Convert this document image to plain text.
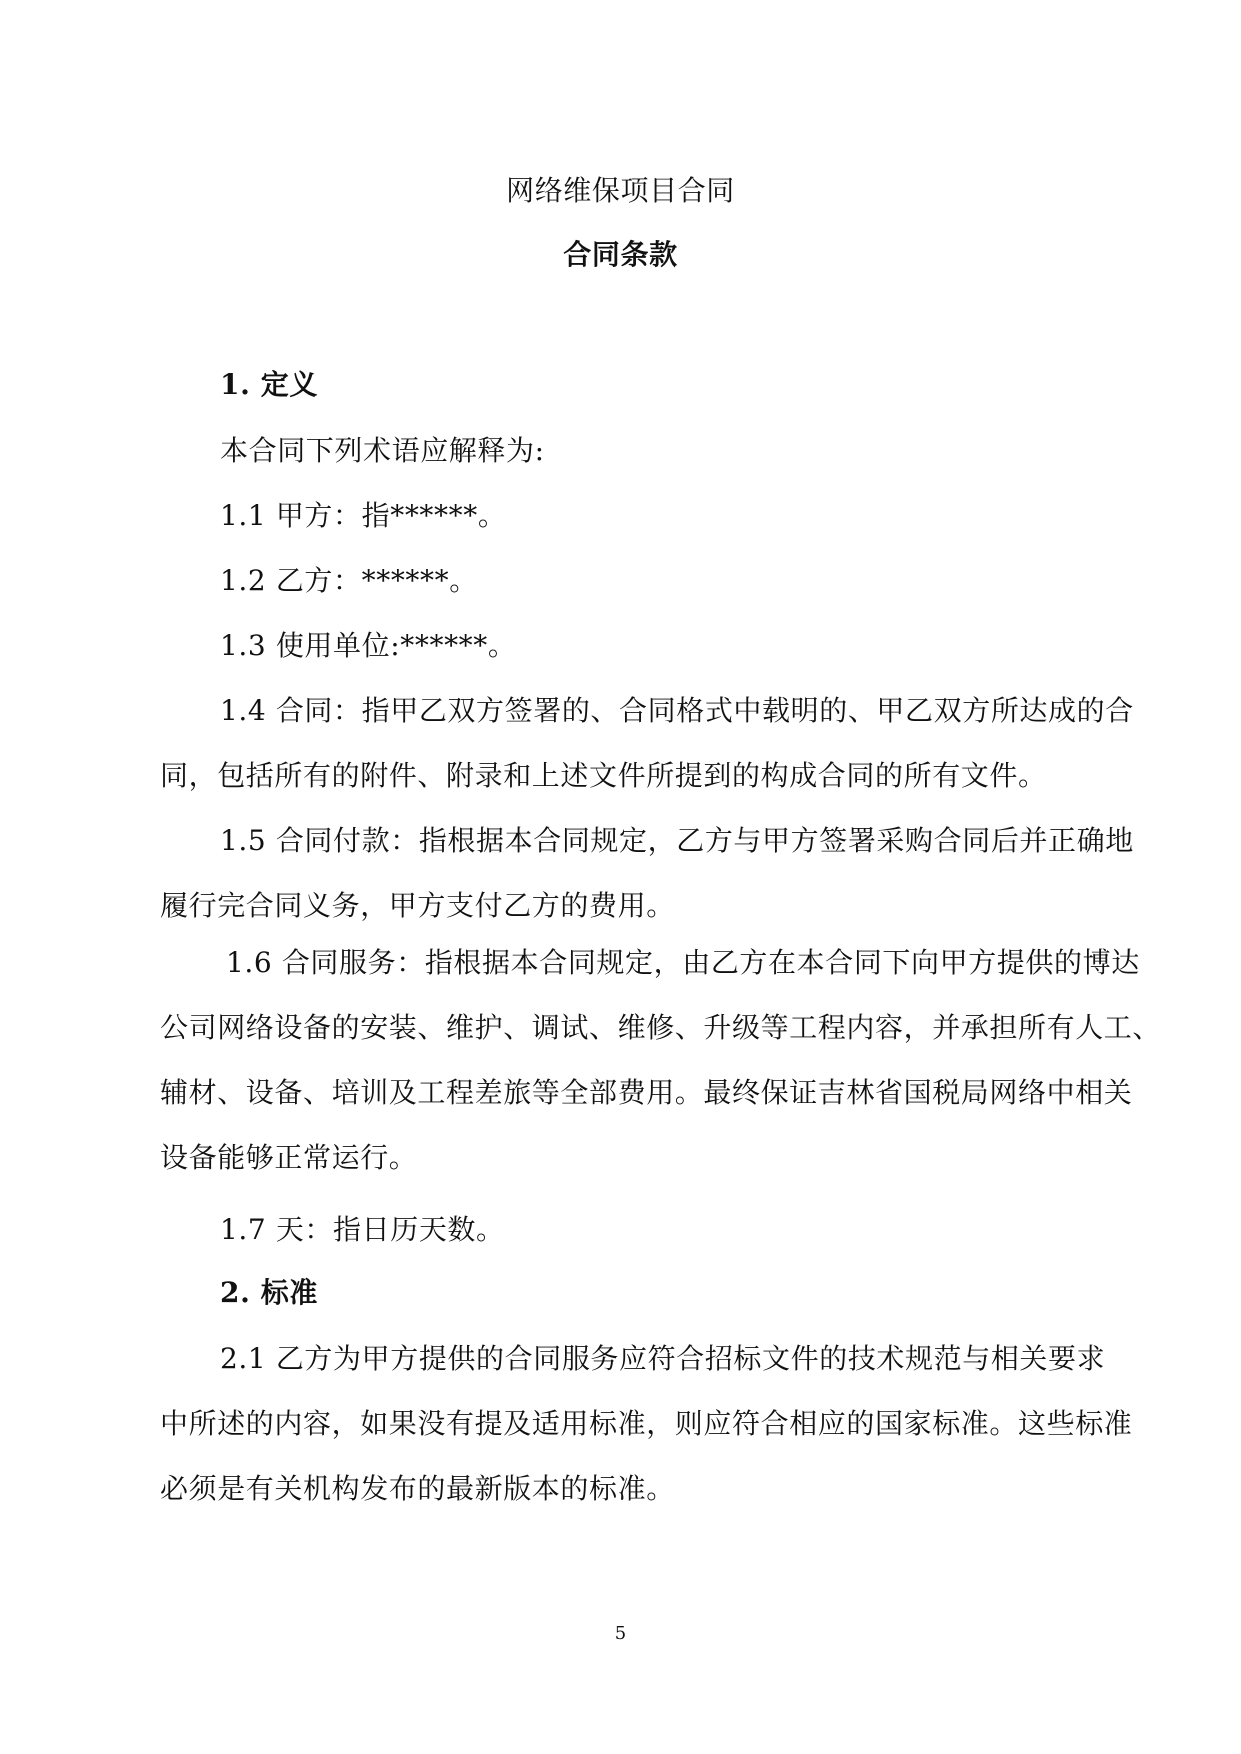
网络维保项目合同
合同条款
1. 定义
本合同下列术语应解释为:
1.1 甲方：指******。
1.2 乙方：******。
1.3 使用单位:******。
1.4 合同：指甲乙双方签署的、合同格式中载明的、甲乙双方所达成的合
同，包括所有的附件、附录和上述文件所提到的构成合同的所有文件。
1.5 合同付款：指根据本合同规定，乙方与甲方签署采购合同后并正确地
履行完合同义务，甲方支付乙方的费用。
1.6 合同服务：指根据本合同规定，由乙方在本合同下向甲方提供的博达
公司网络设备的安装、维护、调试、维修、升级等工程内容，并承担所有人工、
辅材、设备、培训及工程差旅等全部费用。最终保证吉林省国税局网络中相关
设备能够正常运行。
1.7 天：指日历天数。
2. 标准
2.1 乙方为甲方提供的合同服务应符合招标文件的技术规范与相关要求
中所述的内容，如果没有提及适用标准，则应符合相应的国家标准。这些标准
必须是有关机构发布的最新版本的标准。
5
